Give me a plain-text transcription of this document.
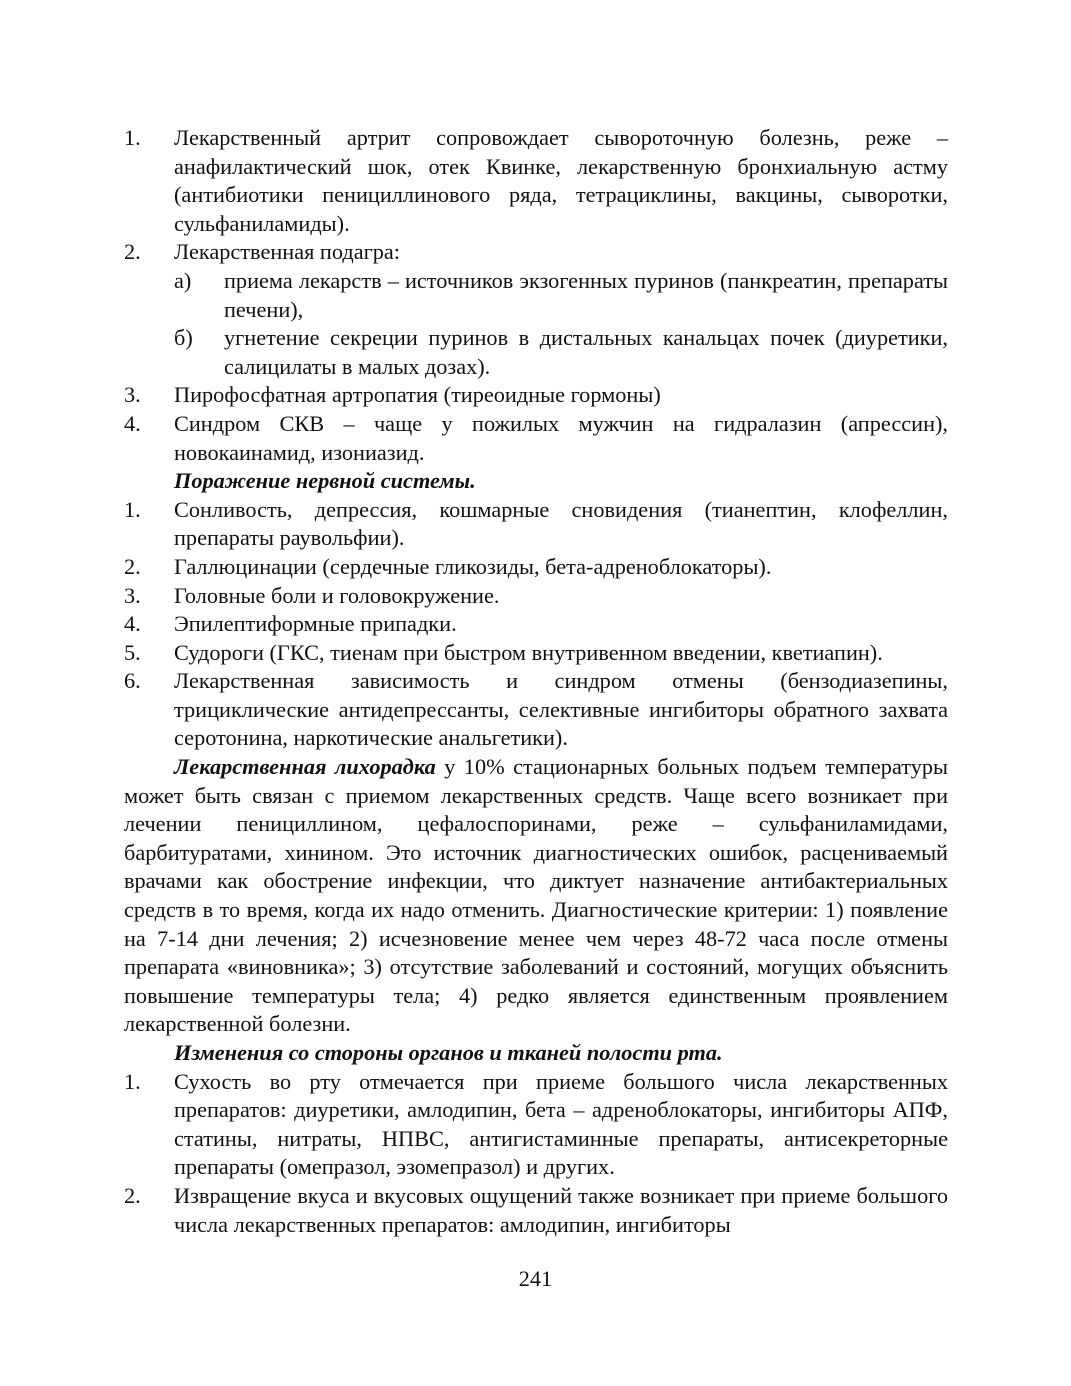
1. Лекарственный артрит сопровождает сывороточную болезнь, реже – анафилактический шок, отек Квинке, лекарственную бронхиальную астму (антибиотики пенициллинового ряда, тетрациклины, вакцины, сыворотки, сульфаниламиды).
2. Лекарственная подагра:
а) приема лекарств – источников экзогенных пуринов (панкреатин, препараты печени),
б) угнетение секреции пуринов в дистальных канальцах почек (диуретики, салицилаты в малых дозах).
3. Пирофосфатная артропатия (тиреоидные гормоны)
4. Синдром СКВ – чаще у пожилых мужчин на гидралазин (апрессин), новокаинамид, изониазид.
Поражение нервной системы.
1. Сонливость, депрессия, кошмарные сновидения (тианептин, клофеллин, препараты раувольфии).
2. Галлюцинации (сердечные гликозиды, бета-адреноблокаторы).
3. Головные боли и головокружение.
4. Эпилептиформные припадки.
5. Судороги (ГКС, тиенам при быстром внутривенном введении, кветиапин).
6. Лекарственная зависимость и синдром отмены (бензодиазепины, трициклические антидепрессанты, селективные ингибиторы обратного захвата серотонина, наркотические анальгетики).
Лекарственная лихорадка у 10% стационарных больных подъем температуры может быть связан с приемом лекарственных средств. Чаще всего возникает при лечении пенициллином, цефалоспоринами, реже – сульфаниламидами, барбитуратами, хинином. Это источник диагностических ошибок, расцениваемый врачами как обострение инфекции, что диктует назначение антибактериальных средств в то время, когда их надо отменить. Диагностические критерии: 1) появление на 7-14 дни лечения; 2) исчезновение менее чем через 48-72 часа после отмены препарата «виновника»; 3) отсутствие заболеваний и состояний, могущих объяснить повышение температуры тела; 4) редко является единственным проявлением лекарственной болезни.
Изменения со стороны органов и тканей полости рта.
1. Сухость во рту отмечается при приеме большого числа лекарственных препаратов: диуретики, амлодипин, бета – адреноблокаторы, ингибиторы АПФ, статины, нитраты, НПВС, антигистаминные препараты, антисекреторные препараты (омепразол, эзомепразол) и других.
2. Извращение вкуса и вкусовых ощущений также возникает при приеме большого числа лекарственных препаратов: амлодипин, ингибиторы
241
